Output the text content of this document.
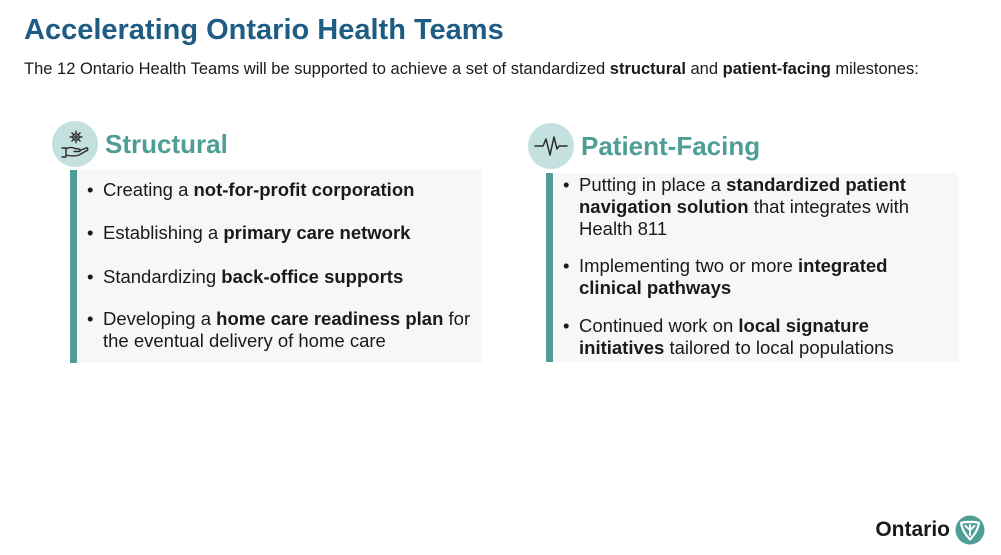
Accelerating Ontario Health Teams

The 12 Ontario Health Teams will be supported to achieve a set of standardized structural and patient-facing milestones:

Structural
• Creating a not-for-profit corporation
• Establishing a primary care network
• Standardizing back-office supports
• Developing a home care readiness plan for the eventual delivery of home care
Patient-Facing
• Putting in place a standardized patient navigation solution that integrates with Health 811
• Implementing two or more integrated clinical pathways
• Continued work on local signature initiatives tailored to local populations
Ontario
